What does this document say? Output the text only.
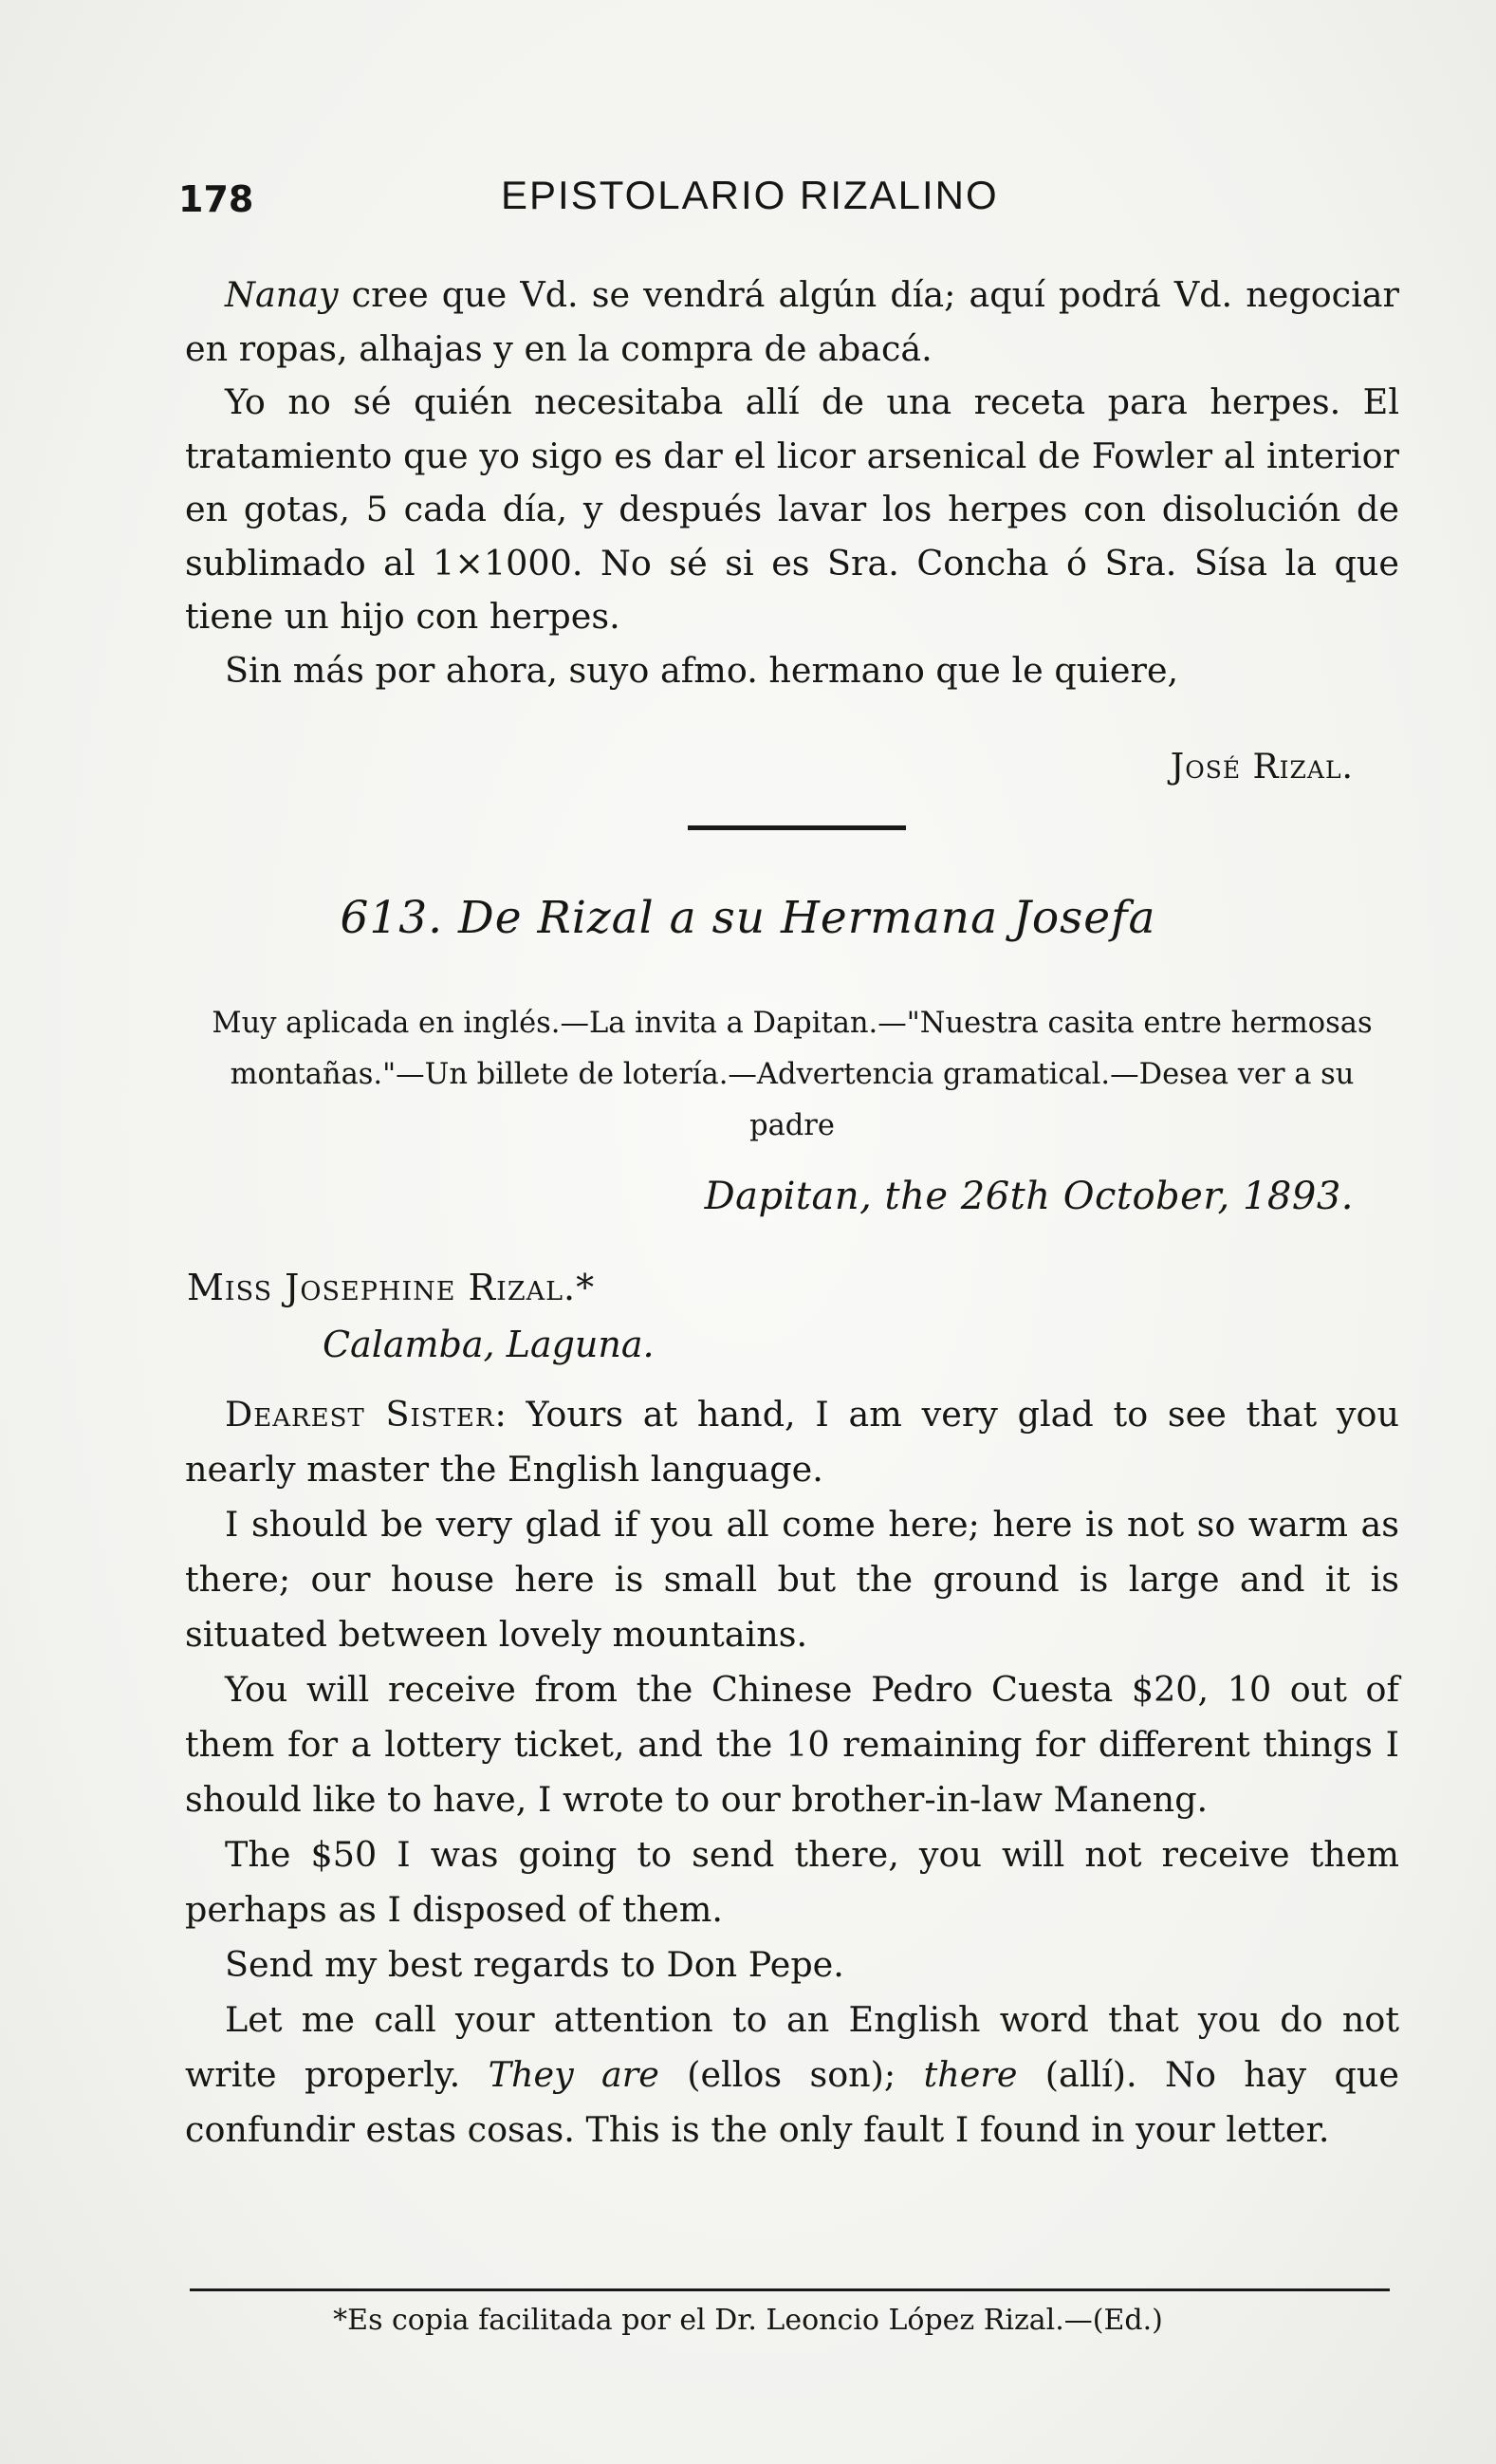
178	EPISTOLARIO RIZALINO

Nanay cree que Vd. se vendrá algún día; aquí podrá Vd. negociar en ropas, alhajas y en la compra de abacá.

Yo no sé quién necesitaba allí de una receta para herpes. El tratamiento que yo sigo es dar el licor arsenical de Fowler al interior en gotas, 5 cada día, y después lavar los herpes con disolución de sublimado al 1×1000. No sé si es Sra. Concha ó Sra. Sísa la que tiene un hijo con herpes.

Sin más por ahora, suyo afmo. hermano que le quiere,

José Rizal.
613. De Rizal a su Hermana Josefa
Muy aplicada en inglés.—La invita a Dapitan.—"Nuestra casita entre hermosas montañas."—Un billete de lotería.—Advertencia gramatical.—Desea ver a su padre
Dapitan, the 26th October, 1893.
Miss Josephine Rizal.*
Calamba, Laguna.

Dearest Sister: Yours at hand, I am very glad to see that you nearly master the English language.

I should be very glad if you all come here; here is not so warm as there; our house here is small but the ground is large and it is situated between lovely mountains.

You will receive from the Chinese Pedro Cuesta $20, 10 out of them for a lottery ticket, and the 10 remaining for different things I should like to have, I wrote to our brother-in-law Maneng.

The $50 I was going to send there, you will not receive them perhaps as I disposed of them.

Send my best regards to Don Pepe.

Let me call your attention to an English word that you do not write properly. They are (ellos son); there (allí). No hay que confundir estas cosas. This is the only fault I found in your letter.

*Es copia facilitada por el Dr. Leoncio López Rizal.—(Ed.)
